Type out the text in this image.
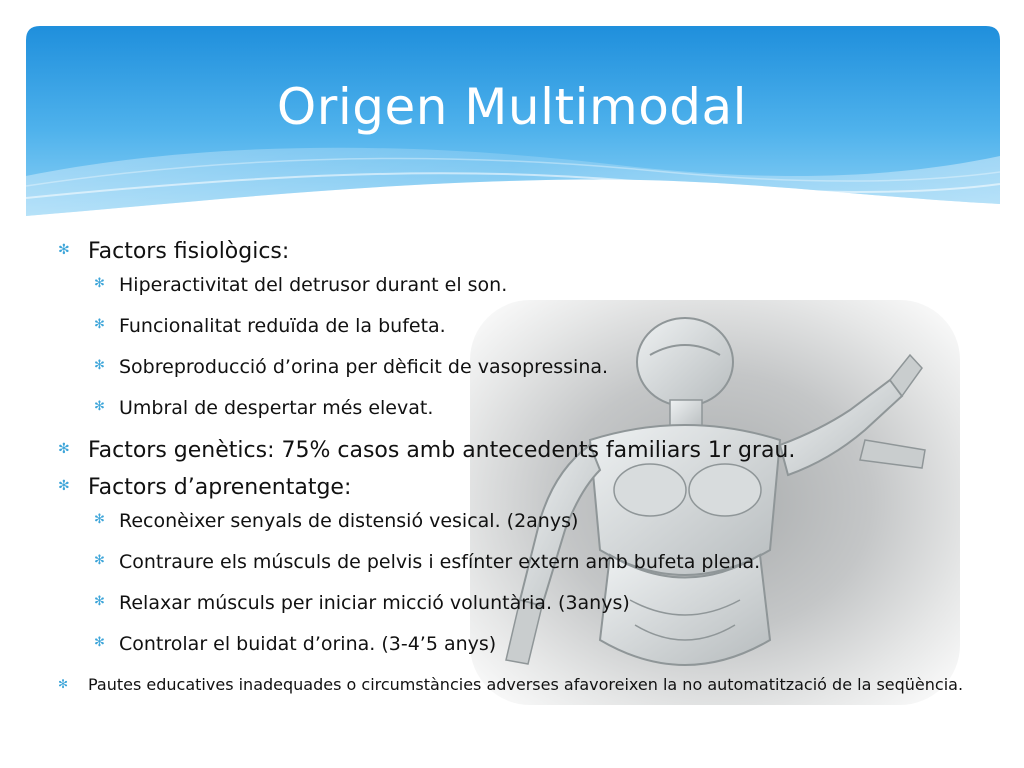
Origen Multimodal
✻ Factors fisiològics:
✻ Hiperactivitat del detrusor durant el son.
✻ Funcionalitat reduïda de la bufeta.
✻ Sobreproducció d’orina per dèficit de vasopressina.
✻ Umbral de despertar més elevat.
✻ Factors genètics: 75% casos amb antecedents familiars 1r grau.
✻ Factors d’aprenentatge:
✻ Reconèixer senyals de distensió vesical. (2anys)
✻ Contraure els músculs de pelvis i esfínter extern amb bufeta plena.
✻ Relaxar músculs per iniciar micció voluntària. (3anys)
✻ Controlar el buidat d’orina. (3-4’5 anys)
✻ Pautes educatives inadequades o circumstàncies adverses afavoreixen la no automatització de la seqüència.
